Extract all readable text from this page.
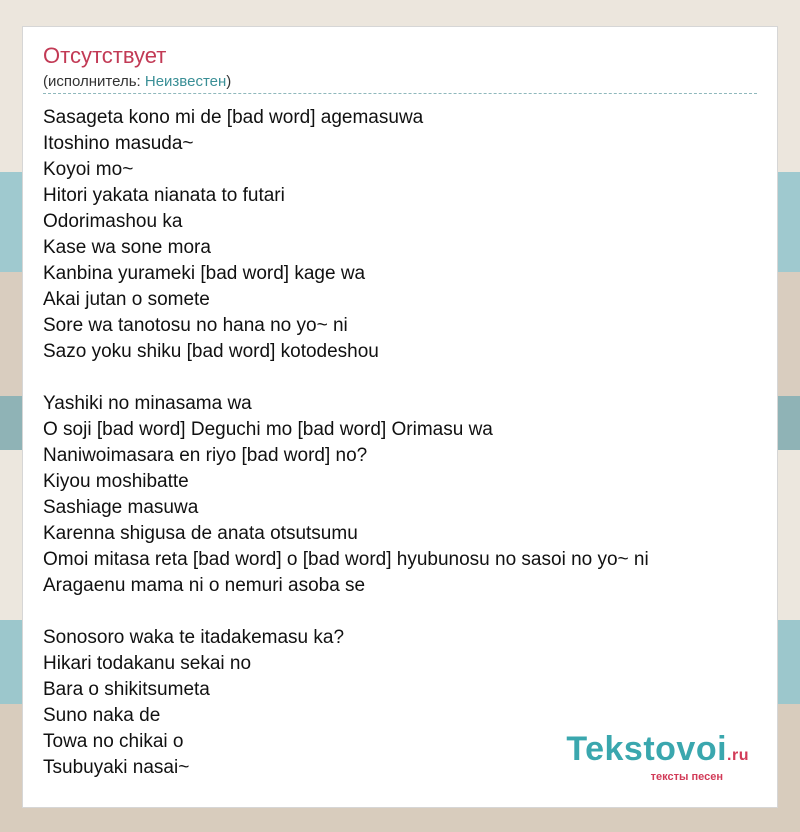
Отсутствует
(исполнитель: Неизвестен)
Sasageta kono mi de [bad word] agemasuwa
Itoshino masuda~
Koyoi mo~
Hitori yakata nianata to futari
Odorimashou ka
Kase wa sone mora
Kanbina yurameki [bad word] kage wa
Akai jutan o somete
Sore wa tanotosu no hana no yo~ ni
Sazo yoku shiku [bad word] kotodeshou
Yashiki no minasama wa
O soji [bad word] Deguchi mo [bad word] Orimasu wa
Naniwoimasara en riyo [bad word] no?
Kiyou moshibatte
Sashiage masuwa
Karenna shigusa de anata otsutsumu
Omoi mitasa reta [bad word] o [bad word] hyubunosu no sasoi no yo~ ni
Aragaenu mama ni o nemuri asoba se
Sonosoro waka te itadakemasu ka?
Hikari todakanu sekai no
Bara o shikitsumeta
Suno naka de
Towa no chikai o
Tsubuyaki nasai~	Tekstovoi.ru
тексты песен
